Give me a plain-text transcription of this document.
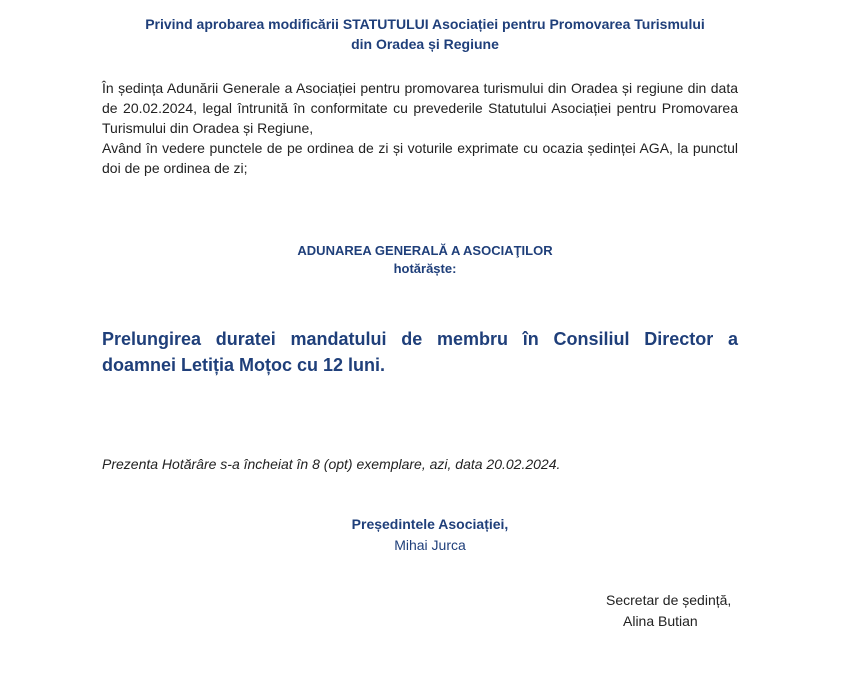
Privind aprobarea modificării STATUTULUI Asociației pentru Promovarea Turismului
din Oradea și Regiune

În ședința Adunării Generale a Asociației pentru promovarea turismului din Oradea și regiune din data de 20.02.2024, legal întrunită în conformitate cu prevederile Statutului Asociației pentru Promovarea Turismului din Oradea și Regiune,

Având în vedere punctele de pe ordinea de zi și voturile exprimate cu ocazia ședinței AGA, la punctul doi de pe ordinea de zi;

ADUNAREA GENERALĂ A ASOCIAŢILOR
hotărăște:
Prelungirea duratei mandatului de membru în Consiliul Director a doamnei Letiția Moțoc cu 12 luni.
Prezenta Hotărâre s-a încheiat în 8 (opt) exemplare, azi, data 20.02.2024.
Președintele Asociației,
Mihai Jurca
Secretar de ședință,
Alina Butian
